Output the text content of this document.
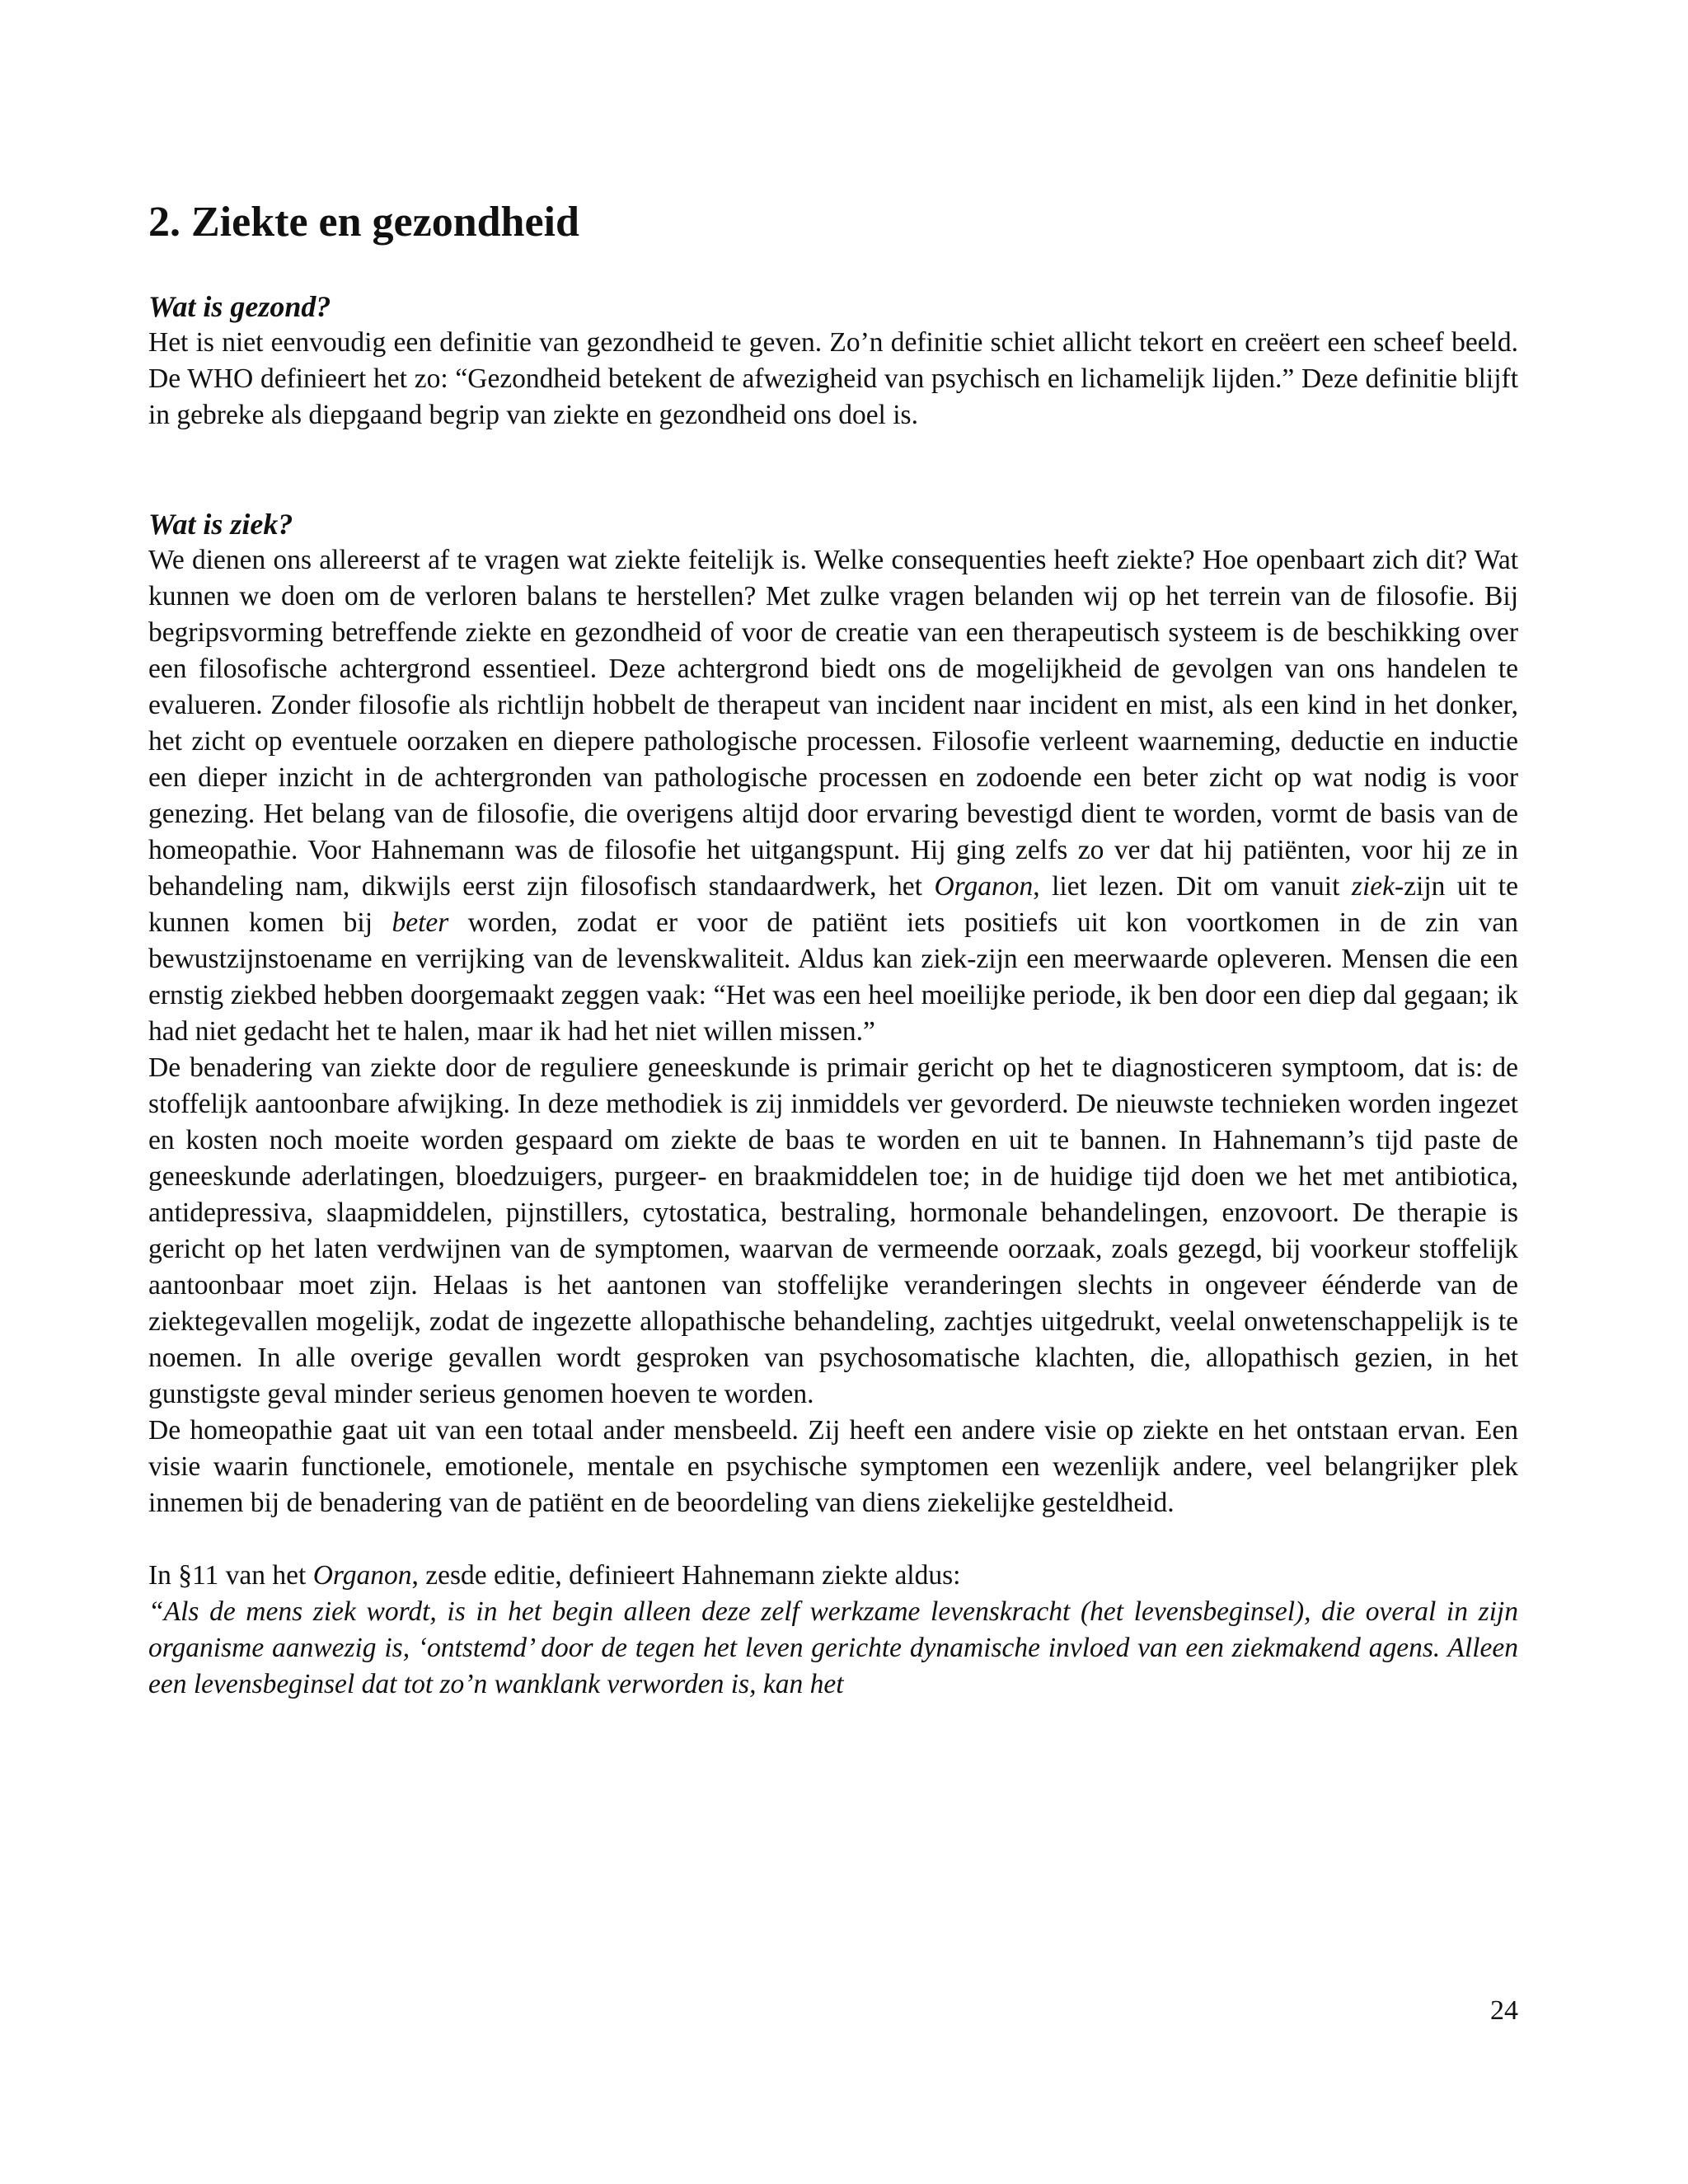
2. Ziekte en gezondheid
Wat is gezond?

Het is niet eenvoudig een definitie van gezondheid te geven. Zo’n definitie schiet allicht tekort en creëert een scheef beeld. De WHO definieert het zo: “Gezondheid betekent de afwezigheid van psychisch en lichamelijk lijden.” Deze definitie blijft in gebreke als diepgaand begrip van ziekte en gezondheid ons doel is.

Wat is ziek?

We dienen ons allereerst af te vragen wat ziekte feitelijk is. Welke consequenties heeft ziekte? Hoe openbaart zich dit? Wat kunnen we doen om de verloren balans te herstellen? Met zulke vragen belanden wij op het terrein van de filosofie. Bij begripsvorming betreffende ziekte en gezondheid of voor de creatie van een therapeutisch systeem is de beschikking over een filosofische achtergrond essentieel. Deze achtergrond biedt ons de mogelijkheid de gevolgen van ons handelen te evalueren. Zonder filosofie als richtlijn hobbelt de therapeut van incident naar incident en mist, als een kind in het donker, het zicht op eventuele oorzaken en diepere pathologische processen. Filosofie verleent waarneming, deductie en inductie een dieper inzicht in de achtergronden van pathologische processen en zodoende een beter zicht op wat nodig is voor genezing. Het belang van de filosofie, die overigens altijd door ervaring bevestigd dient te worden, vormt de basis van de homeopathie. Voor Hahnemann was de filosofie het uitgangspunt. Hij ging zelfs zo ver dat hij patiënten, voor hij ze in behandeling nam, dikwijls eerst zijn filosofisch standaardwerk, het Organon, liet lezen. Dit om vanuit ziek-zijn uit te kunnen komen bij beter worden, zodat er voor de patiënt iets positiefs uit kon voortkomen in de zin van bewustzijnstoename en verrijking van de levenskwaliteit. Aldus kan ziek-zijn een meerwaarde opleveren. Mensen die een ernstig ziekbed hebben doorgemaakt zeggen vaak: “Het was een heel moeilijke periode, ik ben door een diep dal gegaan; ik had niet gedacht het te halen, maar ik had het niet willen missen.”

De benadering van ziekte door de reguliere geneeskunde is primair gericht op het te diagnosticeren symptoom, dat is: de stoffelijk aantoonbare afwijking. In deze methodiek is zij inmiddels ver gevorderd. De nieuwste technieken worden ingezet en kosten noch moeite worden gespaard om ziekte de baas te worden en uit te bannen. In Hahnemann’s tijd paste de geneeskunde aderlatingen, bloedzuigers, purgeer- en braakmiddelen toe; in de huidige tijd doen we het met antibiotica, antidepressiva, slaapmiddelen, pijnstillers, cytostatica, bestraling, hormonale behandelingen, enzovoort. De therapie is gericht op het laten verdwijnen van de symptomen, waarvan de vermeende oorzaak, zoals gezegd, bij voorkeur stoffelijk aantoonbaar moet zijn. Helaas is het aantonen van stoffelijke veranderingen slechts in ongeveer éénderde van de ziektegevallen mogelijk, zodat de ingezette allopathische behandeling, zachtjes uitgedrukt, veelal onwetenschappelijk is te noemen. In alle overige gevallen wordt gesproken van psychosomatische klachten, die, allopathisch gezien, in het gunstigste geval minder serieus genomen hoeven te worden.

De homeopathie gaat uit van een totaal ander mensbeeld. Zij heeft een andere visie op ziekte en het ontstaan ervan. Een visie waarin functionele, emotionele, mentale en psychische symptomen een wezenlijk andere, veel belangrijker plek innemen bij de benadering van de patiënt en de beoordeling van diens ziekelijke gesteldheid.

In §11 van het Organon, zesde editie, definieert Hahnemann ziekte aldus:

“Als de mens ziek wordt, is in het begin alleen deze zelf werkzame levenskracht (het levensbeginsel), die overal in zijn organisme aanwezig is, ‘ontstemd’ door de tegen het leven gerichte dynamische invloed van een ziekmakend agens. Alleen een levensbeginsel dat tot zo’n wanklank verworden is, kan het

24
